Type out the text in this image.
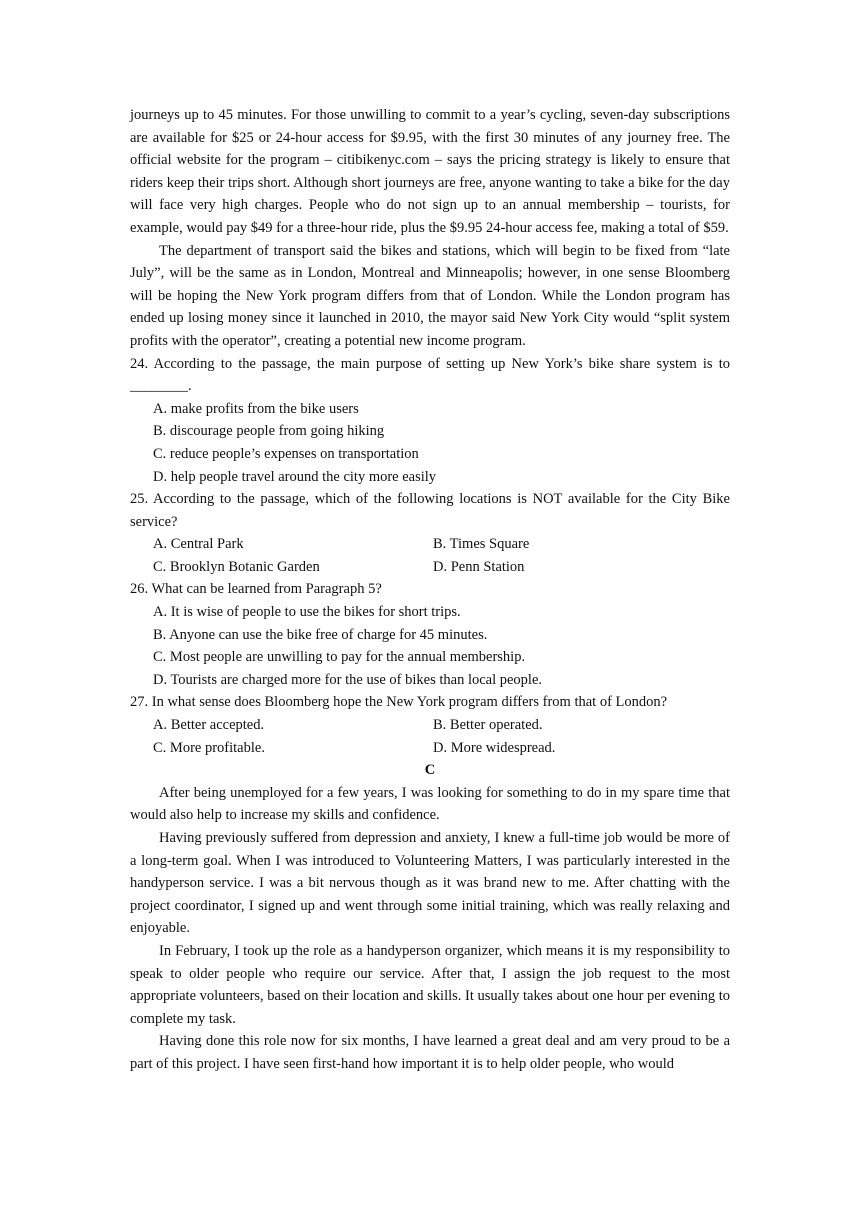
journeys up to 45 minutes. For those unwilling to commit to a year’s cycling, seven-day subscriptions are available for $25 or 24-hour access for $9.95, with the first 30 minutes of any journey free. The official website for the program – citibikenyc.com – says the pricing strategy is likely to ensure that riders keep their trips short. Although short journeys are free, anyone wanting to take a bike for the day will face very high charges. People who do not sign up to an annual membership – tourists, for example, would pay $49 for a three-hour ride, plus the $9.95 24-hour access fee, making a total of $59.

The department of transport said the bikes and stations, which will begin to be fixed from “late July”, will be the same as in London, Montreal and Minneapolis; however, in one sense Bloomberg will be hoping the New York program differs from that of London. While the London program has ended up losing money since it launched in 2010, the mayor said New York City would “split system profits with the operator”, creating a potential new income program.

24. According to the passage, the main purpose of setting up New York’s bike share system is to ________.

A. make profits from the bike users

B. discourage people from going hiking

C. reduce people’s expenses on transportation

D. help people travel around the city more easily

25. According to the passage, which of the following locations is NOT available for the City Bike service?

A. Central Park	B. Times Square
C. Brooklyn Botanic Garden	D. Penn Station

26. What can be learned from Paragraph 5?

A. It is wise of people to use the bikes for short trips.

B. Anyone can use the bike free of charge for 45 minutes.

C. Most people are unwilling to pay for the annual membership.

D. Tourists are charged more for the use of bikes than local people.

27. In what sense does Bloomberg hope the New York program differs from that of London?

A. Better accepted.	B. Better operated.
C. More profitable.	D. More widespread.

C

After being unemployed for a few years, I was looking for something to do in my spare time that would also help to increase my skills and confidence.

Having previously suffered from depression and anxiety, I knew a full-time job would be more of a long-term goal. When I was introduced to Volunteering Matters, I was particularly interested in the handyperson service. I was a bit nervous though as it was brand new to me. After chatting with the project coordinator, I signed up and went through some initial training, which was really relaxing and enjoyable.

In February, I took up the role as a handyperson organizer, which means it is my responsibility to speak to older people who require our service. After that, I assign the job request to the most appropriate volunteers, based on their location and skills. It usually takes about one hour per evening to complete my task.

Having done this role now for six months, I have learned a great deal and am very proud to be a part of this project. I have seen first-hand how important it is to help older people, who would
